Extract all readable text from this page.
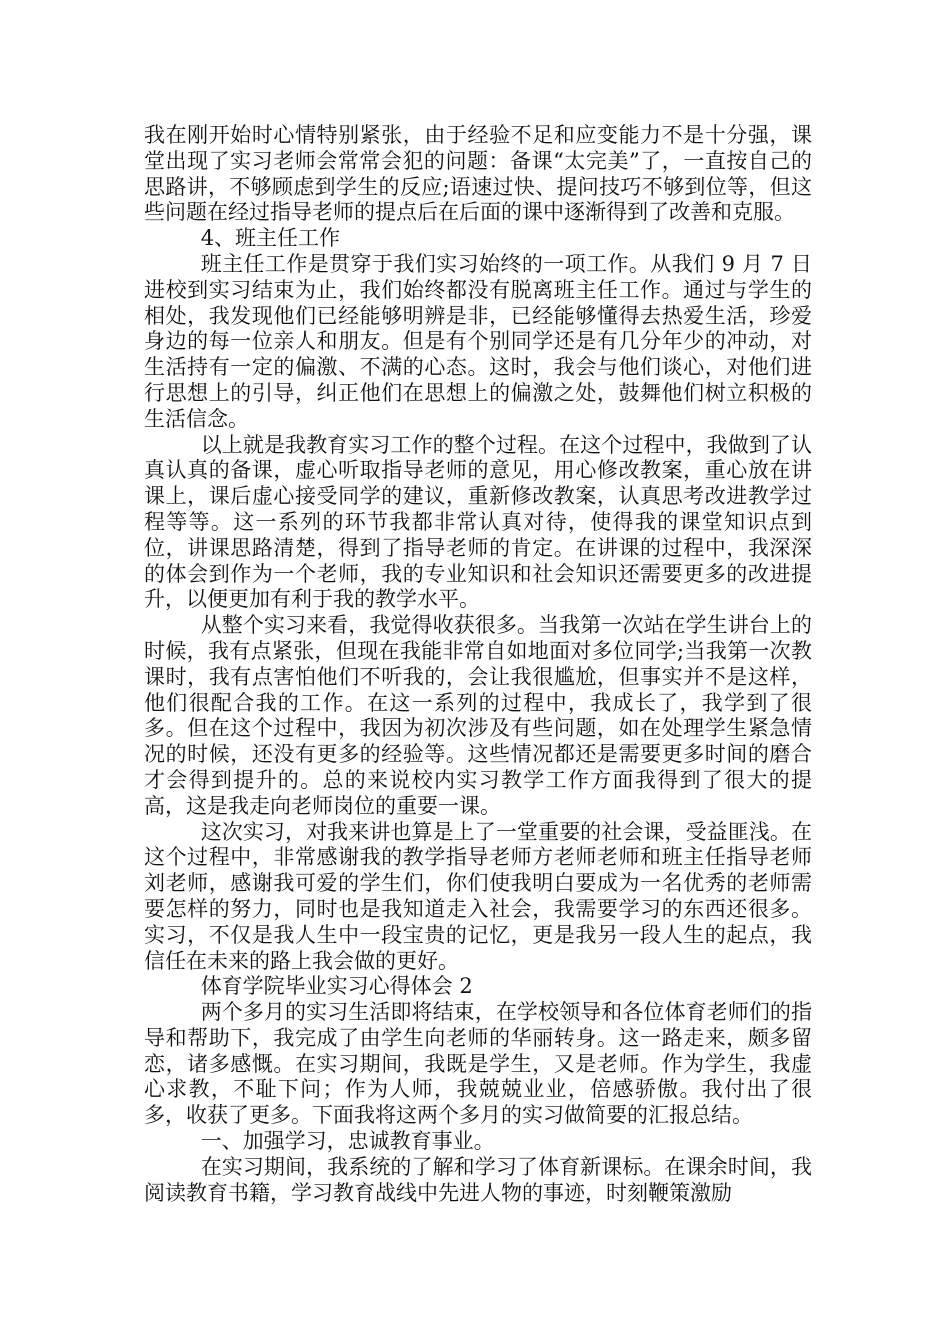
我在刚开始时心情特别紧张，由于经验不足和应变能力不是十分强，课堂出现了实习老师会常常会犯的问题：备课“太完美”了，一直按自己的思路讲，不够顾虑到学生的反应;语速过快、提问技巧不够到位等，但这些问题在经过指导老师的提点后在后面的课中逐渐得到了改善和克服。

4、班主任工作

班主任工作是贯穿于我们实习始终的一项工作。从我们 9 月 7 日进校到实习结束为止，我们始终都没有脱离班主任工作。通过与学生的相处，我发现他们已经能够明辨是非，已经能够懂得去热爱生活，珍爱身边的每一位亲人和朋友。但是有个别同学还是有几分年少的冲动，对生活持有一定的偏激、不满的心态。这时，我会与他们谈心，对他们进行思想上的引导，纠正他们在思想上的偏激之处，鼓舞他们树立积极的生活信念。

以上就是我教育实习工作的整个过程。在这个过程中，我做到了认真认真的备课，虚心听取指导老师的意见，用心修改教案，重心放在讲课上，课后虚心接受同学的建议，重新修改教案，认真思考改进教学过程等等。这一系列的环节我都非常认真对待，使得我的课堂知识点到位，讲课思路清楚，得到了指导老师的肯定。在讲课的过程中，我深深的体会到作为一个老师，我的专业知识和社会知识还需要更多的改进提升，以便更加有利于我的教学水平。

从整个实习来看，我觉得收获很多。当我第一次站在学生讲台上的时候，我有点紧张，但现在我能非常自如地面对多位同学;当我第一次教课时，我有点害怕他们不听我的，会让我很尴尬，但事实并不是这样，他们很配合我的工作。在这一系列的过程中，我成长了，我学到了很多。但在这个过程中，我因为初次涉及有些问题，如在处理学生紧急情况的时候，还没有更多的经验等。这些情况都还是需要更多时间的磨合才会得到提升的。总的来说校内实习教学工作方面我得到了很大的提高，这是我走向老师岗位的重要一课。

这次实习，对我来讲也算是上了一堂重要的社会课，受益匪浅。在这个过程中，非常感谢我的教学指导老师方老师老师和班主任指导老师刘老师，感谢我可爱的学生们，你们使我明白要成为一名优秀的老师需要怎样的努力，同时也是我知道走入社会，我需要学习的东西还很多。实习，不仅是我人生中一段宝贵的记忆，更是我另一段人生的起点，我信任在未来的路上我会做的更好。

体育学院毕业实习心得体会 2

两个多月的实习生活即将结束，在学校领导和各位体育老师们的指导和帮助下，我完成了由学生向老师的华丽转身。这一路走来，颇多留恋，诸多感慨。在实习期间，我既是学生，又是老师。作为学生，我虚心求教，不耻下问；作为人师，我兢兢业业，倍感骄傲。我付出了很多，收获了更多。下面我将这两个多月的实习做简要的汇报总结。

一、加强学习，忠诚教育事业。

在实习期间，我系统的了解和学习了体育新课标。在课余时间，我阅读教育书籍，学习教育战线中先进人物的事迹，时刻鞭策激励
